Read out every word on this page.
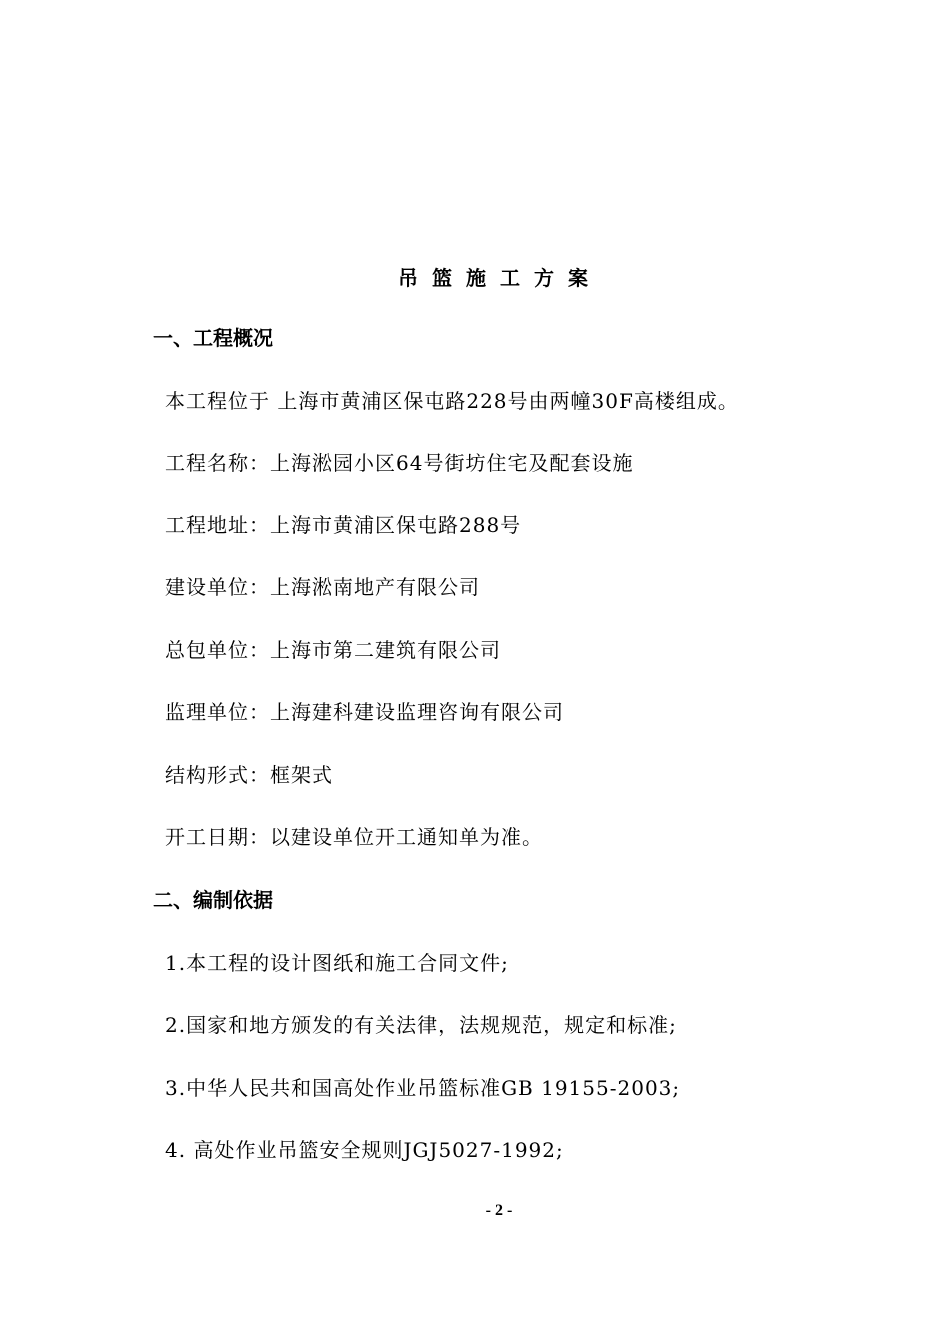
吊篮施工方案
一、工程概况
本工程位于 上海市黄浦区保屯路228号由两幢30F高楼组成。
工程名称：上海淞园小区64号街坊住宅及配套设施
工程地址：上海市黄浦区保屯路288号
建设单位：上海淞南地产有限公司
总包单位：上海市第二建筑有限公司
监理单位：上海建科建设监理咨询有限公司
结构形式：框架式
开工日期：以建设单位开工通知单为准。
二、编制依据
1.本工程的设计图纸和施工合同文件;
2.国家和地方颁发的有关法律，法规规范，规定和标准;
3.中华人民共和国高处作业吊篮标准GB 19155-2003;
4. 高处作业吊篮安全规则JGJ5027-1992;
- 2 -
